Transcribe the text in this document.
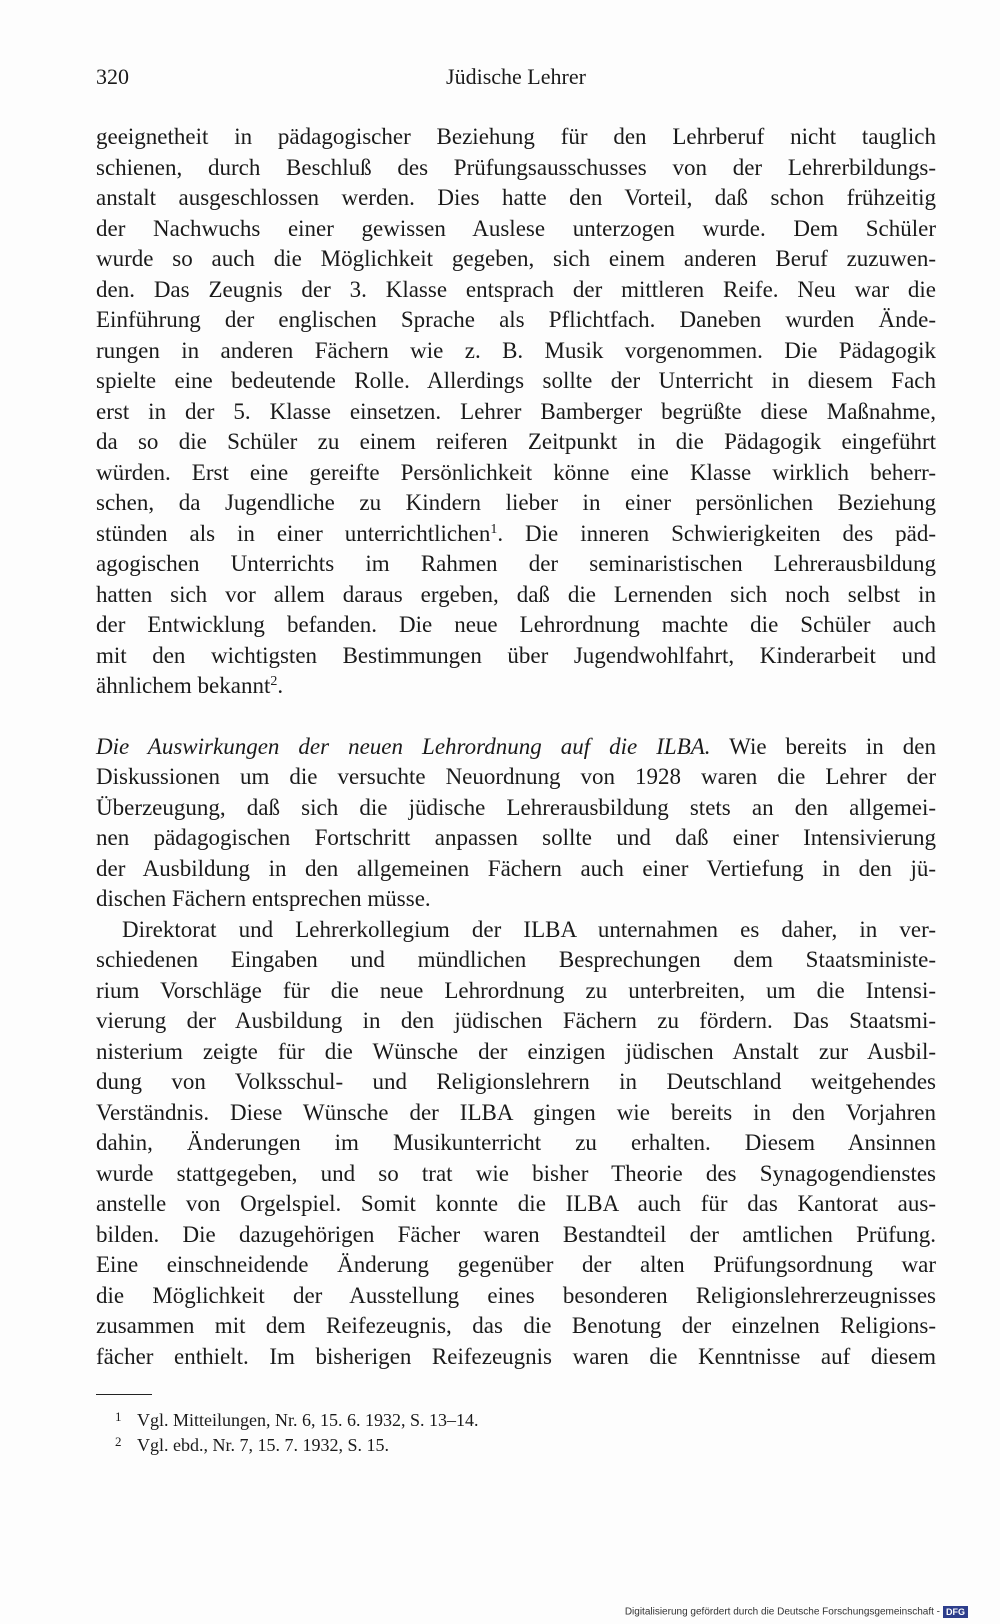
320	Jüdische Lehrer
geeignetheit in pädagogischer Beziehung für den Lehrberuf nicht tauglich
schienen, durch Beschluß des Prüfungsausschusses von der Lehrerbildungs-
anstalt ausgeschlossen werden. Dies hatte den Vorteil, daß schon frühzeitig
der Nachwuchs einer gewissen Auslese unterzogen wurde. Dem Schüler
wurde so auch die Möglichkeit gegeben, sich einem anderen Beruf zuzuwen-
den. Das Zeugnis der 3. Klasse entsprach der mittleren Reife. Neu war die
Einführung der englischen Sprache als Pflichtfach. Daneben wurden Ände-
rungen in anderen Fächern wie z. B. Musik vorgenommen. Die Pädagogik
spielte eine bedeutende Rolle. Allerdings sollte der Unterricht in diesem Fach
erst in der 5. Klasse einsetzen. Lehrer Bamberger begrüßte diese Maßnahme,
da so die Schüler zu einem reiferen Zeitpunkt in die Pädagogik eingeführt
würden. Erst eine gereifte Persönlichkeit könne eine Klasse wirklich beherr-
schen, da Jugendliche zu Kindern lieber in einer persönlichen Beziehung
stünden als in einer unterrichtlichen$^1$. Die inneren Schwierigkeiten des päd-
agogischen Unterrichts im Rahmen der seminaristischen Lehrerausbildung
hatten sich vor allem daraus ergeben, daß die Lernenden sich noch selbst in
der Entwicklung befanden. Die neue Lehrordnung machte die Schüler auch
mit den wichtigsten Bestimmungen über Jugendwohlfahrt, Kinderarbeit und
ähnlichem bekannt$^2$.
Die Auswirkungen der neuen Lehrordnung auf die ILBA. Wie bereits in den
Diskussionen um die versuchte Neuordnung von 1928 waren die Lehrer der
Überzeugung, daß sich die jüdische Lehrerausbildung stets an den allgemei-
nen pädagogischen Fortschritt anpassen sollte und daß einer Intensivierung
der Ausbildung in den allgemeinen Fächern auch einer Vertiefung in den jü-
dischen Fächern entsprechen müsse.
Direktorat und Lehrerkollegium der ILBA unternahmen es daher, in ver-
schiedenen Eingaben und mündlichen Besprechungen dem Staatsministe-
rium Vorschläge für die neue Lehrordnung zu unterbreiten, um die Intensi-
vierung der Ausbildung in den jüdischen Fächern zu fördern. Das Staatsmi-
nisterium zeigte für die Wünsche der einzigen jüdischen Anstalt zur Ausbil-
dung von Volksschul- und Religionslehrern in Deutschland weitgehendes
Verständnis. Diese Wünsche der ILBA gingen wie bereits in den Vorjahren
dahin, Änderungen im Musikunterricht zu erhalten. Diesem Ansinnen
wurde stattgegeben, und so trat wie bisher Theorie des Synagogendienstes
anstelle von Orgelspiel. Somit konnte die ILBA auch für das Kantorat aus-
bilden. Die dazugehörigen Fächer waren Bestandteil der amtlichen Prüfung.
Eine einschneidende Änderung gegenüber der alten Prüfungsordnung war
die Möglichkeit der Ausstellung eines besonderen Religionslehrerzeugnisses
zusammen mit dem Reifezeugnis, das die Benotung der einzelnen Religions-
fächer enthielt. Im bisherigen Reifezeugnis waren die Kenntnisse auf diesem
1 Vgl. Mitteilungen, Nr. 6, 15. 6. 1932, S. 13–14.
2 Vgl. ebd., Nr. 7, 15. 7. 1932, S. 15.
Digitalisierung gefördert durch die Deutsche Forschungsgemeinschaft - DFG
